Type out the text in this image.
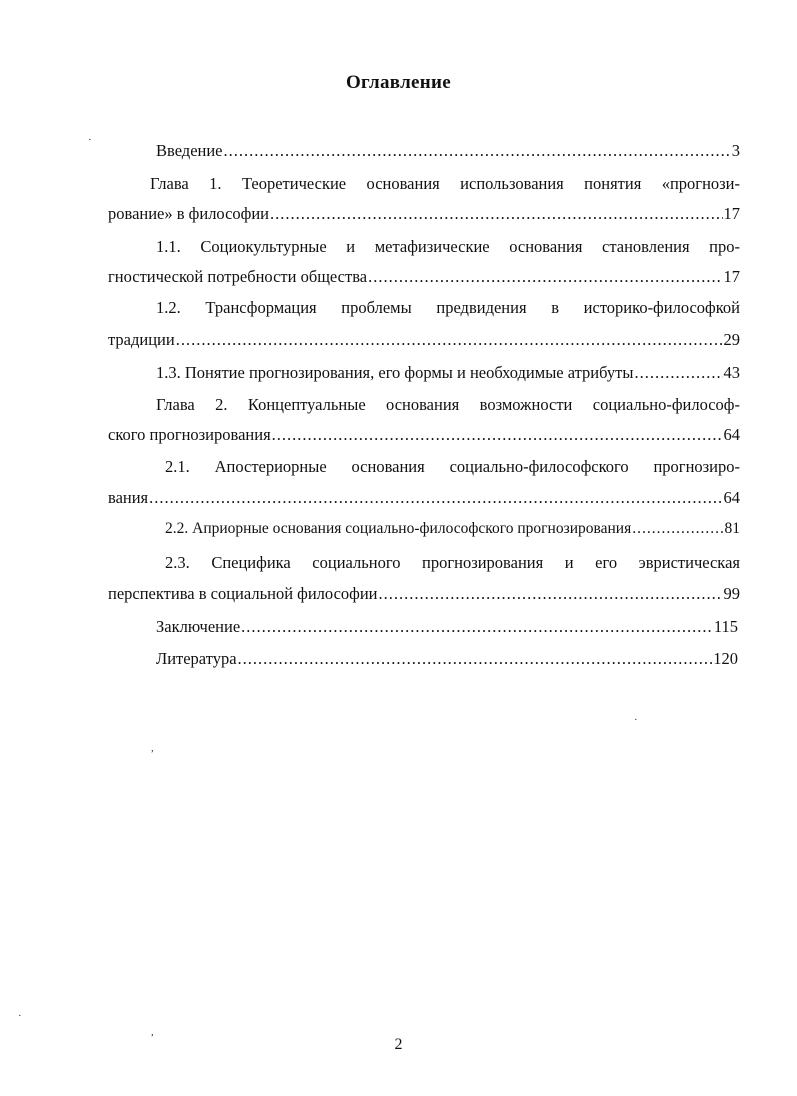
Оглавление
Введение .....	3
Глава 1. Теоретические основания использования понятия «прогнози-
рование» в философии .....	17
1.1. Социокультурные и метафизические основания становления про-
гностической потребности общества .....	17
1.2. Трансформация проблемы предвидения в историко-философкой
традиции .....	29
1.3. Понятие прогнозирования, его формы и необходимые атрибуты .....	43
Глава 2. Концептуальные основания возможности социально-философ-
ского прогнозирования .....	64
2.1. Апостериорные основания социально-философского прогнозиро-
вания .....	64
2.2. Априорные основания социально-философского прогнозирования .....	81
2.3. Специфика социального прогнозирования и его эвристическая
перспектива в социальной философии .....	99
Заключение .....	115
Литература .....	120
·
·
,
·
,
2
